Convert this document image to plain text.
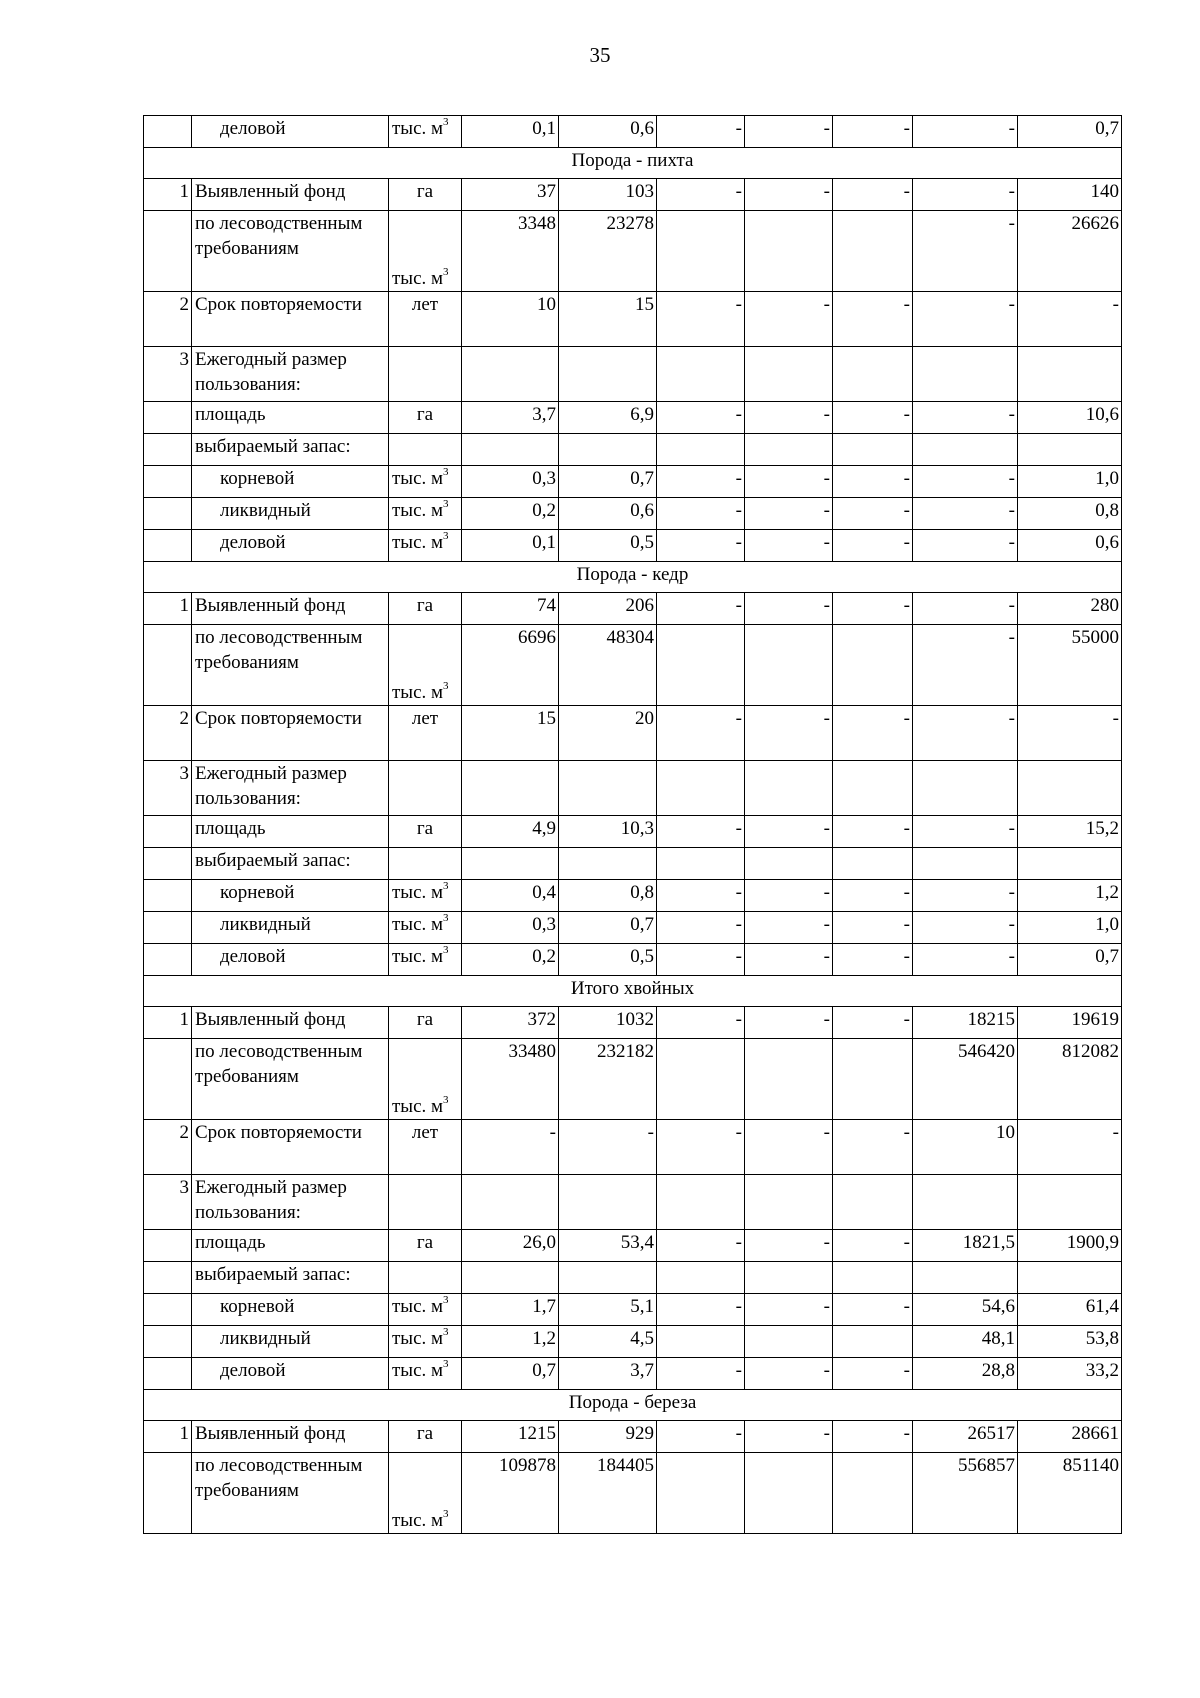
35
	деловой	тыс. $м^3$	0,1	0,6	-	-	-	-	0,7
Порода - пихта									
1	Выявленный фонд	га	37	103	-	-	-	-	140
	по лесоводственным требованиям	тыс. $м^3$	3348	23278				-	26626
2	Срок повторяемости	лет	10	15	-	-	-	-	-
3	Ежегодный размер пользования:								
	площадь	га	3,7	6,9	-	-	-	-	10,6
	выбираемый запас:								
	корневой	тыс. $м^3$	0,3	0,7	-	-	-	-	1,0
	ликвидный	тыс. $м^3$	0,2	0,6	-	-	-	-	0,8
	деловой	тыс. $м^3$	0,1	0,5	-	-	-	-	0,6
Порода - кедр									
1	Выявленный фонд	га	74	206	-	-	-	-	280
	по лесоводственным требованиям	тыс. $м^3$	6696	48304				-	55000
2	Срок повторяемости	лет	15	20	-	-	-	-	-
3	Ежегодный размер пользования:								
	площадь	га	4,9	10,3	-	-	-	-	15,2
	выбираемый запас:								
	корневой	тыс. $м^3$	0,4	0,8	-	-	-	-	1,2
	ликвидный	тыс. $м^3$	0,3	0,7	-	-	-	-	1,0
	деловой	тыс. $м^3$	0,2	0,5	-	-	-	-	0,7
Итого хвойных									
1	Выявленный фонд	га	372	1032	-	-	-	18215	19619
	по лесоводственным требованиям	тыс. $м^3$	33480	232182				546420	812082
2	Срок повторяемости	лет	-	-	-	-	-	10	-
3	Ежегодный размер пользования:								
	площадь	га	26,0	53,4	-	-	-	1821,5	1900,9
	выбираемый запас:								
	корневой	тыс. $м^3$	1,7	5,1	-	-	-	54,6	61,4
	ликвидный	тыс. $м^3$	1,2	4,5				48,1	53,8
	деловой	тыс. $м^3$	0,7	3,7	-	-	-	28,8	33,2
Порода - береза									
1	Выявленный фонд	га	1215	929	-	-	-	26517	28661
	по лесоводственным требованиям	тыс. $м^3$	109878	184405				556857	851140
